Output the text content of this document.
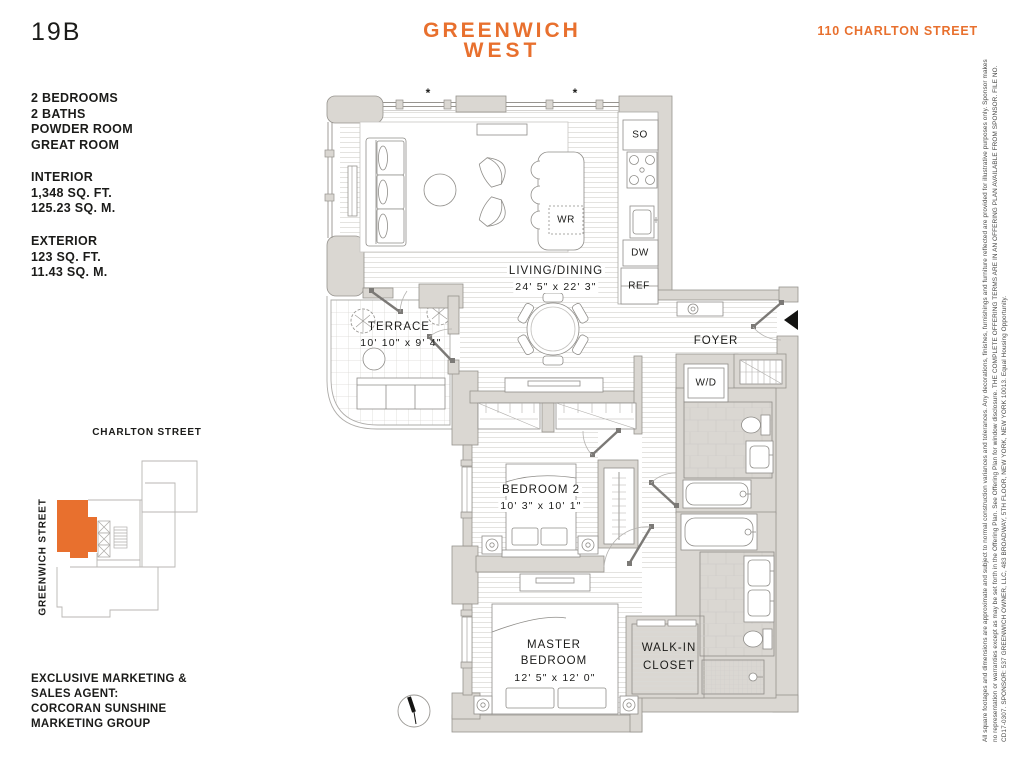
19B	GREENWICH
WEST
110 CHARLTON STREET
2 BEDROOMS
2 BATHS
POWDER ROOM
GREAT ROOM
INTERIOR
1,348 SQ. FT.
125.23 SQ. M.
EXTERIOR
123 SQ. FT.
11.43 SQ. M.
CHARLTON STREET
GREENWICH STREET
EXCLUSIVE MARKETING &
SALES AGENT:
CORCORAN SUNSHINE
MARKETING GROUP
LIVING/DINING
24' 5" x 22' 3"
TERRACE
10' 10" x 9' 4"	FOYER
BEDROOM 2
10' 3" x 10' 1"
MASTER
BEDROOM
12' 5" x 12' 0"
WALK-IN
CLOSET
SO
WR
DW
REF
W/D
*	*	All square footages and dimensions are approximate and subject to normal construction variances and tolerances. Any decorations, finishes, furnishings and furniture reflected are provided for illustrative purposes only. Sponsor makes no representation or warranties except as may be set forth in the Offering Plan. See Offering Plan for window disclosure. THE COMPLETE OFFERING TERMS ARE IN AN OFFERING PLAN AVAILABLE FROM SPONSOR. FILE NO. CD17-0307. SPONSOR: 537 GREENWICH OWNER, LLC, 483 BROADWAY, 5TH FLOOR, NEW YORK, NEW YORK 10013. Equal Housing Opportunity.
